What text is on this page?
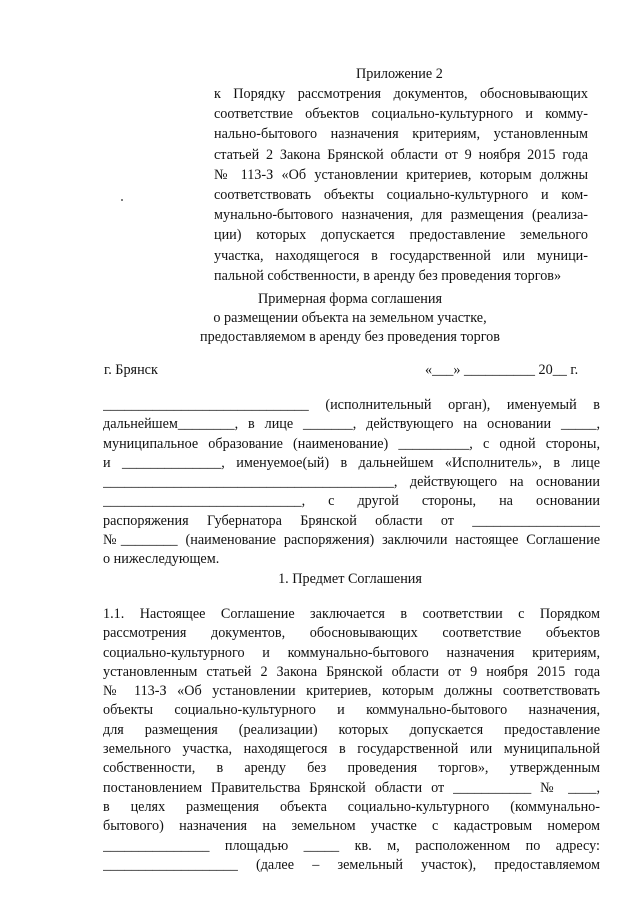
Приложение 2
к Порядку рассмотрения документов, обосновывающих
соответствие объектов социально-культурного и комму-
нально-бытового назначения критериям, установленным
статьей 2 Закона Брянской области от 9 ноября 2015 года
№ 113-З «Об установлении критериев, которым должны
соответствовать объекты социально-культурного и ком-
мунально-бытового назначения, для размещения (реализа-
ции) которых допускается предоставление земельного
участка, находящегося в государственной или муници-
пальной собственности, в аренду без проведения торгов»
Примерная форма соглашения
о размещении объекта на земельном участке,
предоставляемом в аренду без проведения торгов
г. Брянск	«___» __________ 20__ г.
_____________________________ (исполнительный орган), именуемый в
дальнейшем________, в лице _______, действующего на основании _____,
муниципальное образование (наименование) __________, с одной стороны,
и ______________, именуемое(ый) в дальнейшем «Исполнитель», в лице
_________________________________________, действующего на основании
____________________________, с другой стороны, на основании
распоряжения Губернатора Брянской области от __________________
№________ (наименование распоряжения) заключили настоящее Соглашение
о нижеследующем.
1. Предмет Соглашения
1.1. Настоящее Соглашение заключается в соответствии с Порядком
рассмотрения документов, обосновывающих соответствие объектов
социально-культурного и коммунально-бытового назначения критериям,
установленным статьей 2 Закона Брянской области от 9 ноября 2015 года
№ 113-З «Об установлении критериев, которым должны соответствовать
объекты социально-культурного и коммунально-бытового назначения,
для размещения (реализации) которых допускается предоставление
земельного участка, находящегося в государственной или муниципальной
собственности, в аренду без проведения торгов», утвержденным
постановлением Правительства Брянской области от ___________ № ____,
в целях размещения объекта социально-культурного (коммунально-
бытового) назначения на земельном участке с кадастровым номером
_______________ площадью _____ кв. м, расположенном по адресу:
___________________ (далее – земельный участок), предоставляемом
